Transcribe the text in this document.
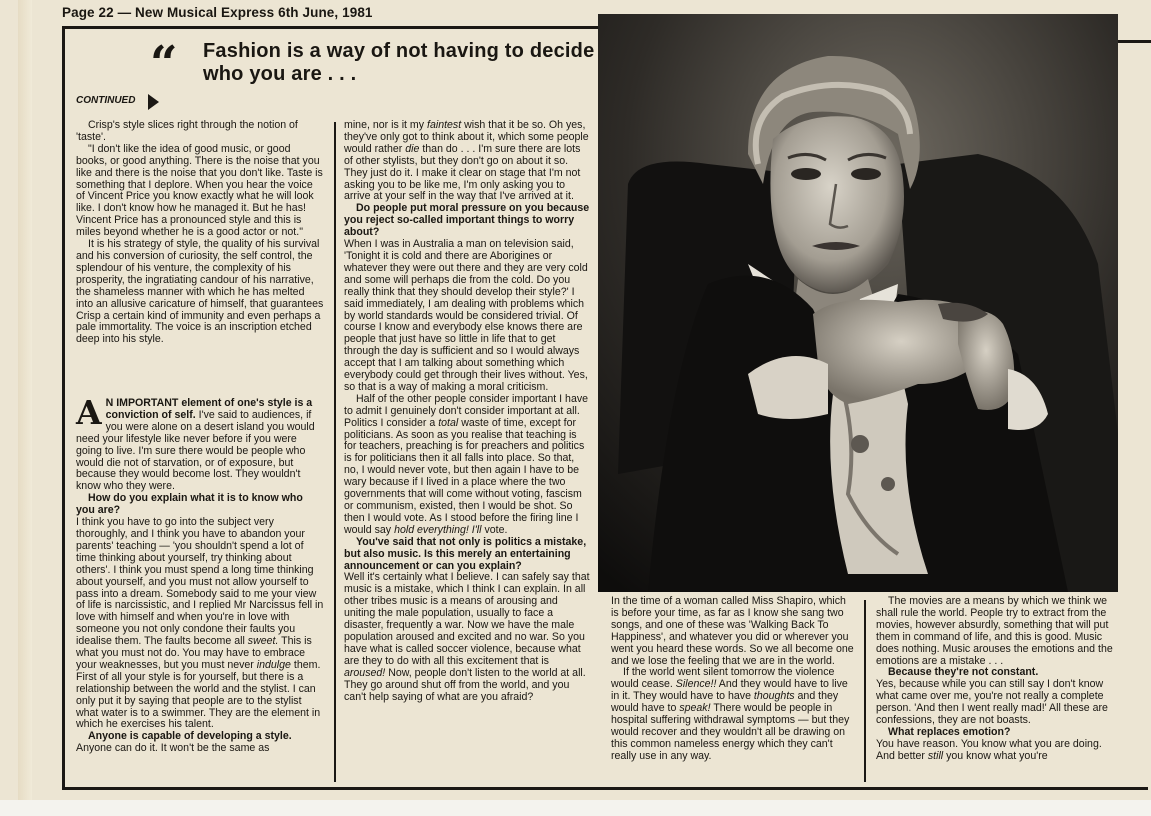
Page 22 — New Musical Express 6th June, 1981
“ Fashion is a way of not having to decide who you are . . .
CONTINUED

Crisp's style slices right through the notion of 'taste'.

"I don't like the idea of good music, or good books, or good anything. There is the noise that you like and there is the noise that you don't like. Taste is something that I deplore. When you hear the voice of Vincent Price you know exactly what he will look like. I don't know how he managed it. But he has! Vincent Price has a pronounced style and this is miles beyond whether he is a good actor or not."

It is his strategy of style, the quality of his survival and his conversion of curiosity, the self control, the splendour of his venture, the complexity of his prosperity, the ingratiating candour of his narrative, the shameless manner with which he has melted into an allusive caricature of himself, that guarantees Crisp a certain kind of immunity and even perhaps a pale immortality. The voice is an inscription etched deep into his style.

A N IMPORTANT element of one's style is a conviction of self. I've said to audiences, if you were alone on a desert island you would need your lifestyle like never before if you were going to live. I'm sure there would be people who would die not of starvation, or of exposure, but because they would become lost. They wouldn't know who they were.

How do you explain what it is to know who you are?

I think you have to go into the subject very thoroughly, and I think you have to abandon your parents' teaching — 'you shouldn't spend a lot of time thinking about yourself, try thinking about others'. I think you must spend a long time thinking about yourself, and you must not allow yourself to pass into a dream. Somebody said to me your view of life is narcissistic, and I replied Mr Narcissus fell in love with himself and when you're in love with someone you not only condone their faults you idealise them. The faults become all sweet. This is what you must not do. You may have to embrace your weaknesses, but you must never indulge them. First of all your style is for yourself, but there is a relationship between the world and the stylist. I can only put it by saying that people are to the stylist what water is to a swimmer. They are the element in which he exercises his talent.

Anyone is capable of developing a style.

Anyone can do it. It won't be the same as

mine, nor is it my faintest wish that it be so. Oh yes, they've only got to think about it, which some people would rather die than do . . . I'm sure there are lots of other stylists, but they don't go on about it so. They just do it. I make it clear on stage that I'm not asking you to be like me, I'm only asking you to arrive at your self in the way that I've arrived at it.

Do people put moral pressure on you because you reject so-called important things to worry about?

When I was in Australia a man on television said, 'Tonight it is cold and there are Aborigines or whatever they were out there and they are very cold and some will perhaps die from the cold. Do you really think that they should develop their style?' I said immediately, I am dealing with problems which by world standards would be considered trivial. Of course I know and everybody else knows there are people that just have so little in life that to get through the day is sufficient and so I would always accept that I am talking about something which everybody could get through their lives without. Yes, so that is a way of making a moral criticism.

Half of the other people consider important I have to admit I genuinely don't consider important at all. Politics I consider a total waste of time, except for politicians. As soon as you realise that teaching is for teachers, preaching is for preachers and politics is for politicians then it all falls into place. So that, no, I would never vote, but then again I have to be wary because if I lived in a place where the two governments that will come without voting, fascism or communism, existed, then I would be shot. So then I would vote. As I stood before the firing line I would say hold everything! I'll vote.

You've said that not only is politics a mistake, but also music. Is this merely an entertaining announcement or can you explain?

Well it's certainly what I believe. I can safely say that music is a mistake, which I think I can explain. In all other tribes music is a means of arousing and uniting the male population, usually to face a disaster, frequently a war. Now we have the male population aroused and excited and no war. So you have what is called soccer violence, because what are they to do with all this excitement that is aroused! Now, people don't listen to the world at all. They go around shut off from the world, and you can't help saying of what are you afraid?

In the time of a woman called Miss Shapiro, which is before your time, as far as I know she sang two songs, and one of these was 'Walking Back To Happiness', and whatever you did or wherever you went you heard these words. So we all become one and we lose the feeling that we are in the world.

If the world went silent tomorrow the violence would cease. Silence!! And they would have to live in it. They would have to have thoughts and they would have to speak! There would be people in hospital suffering withdrawal symptoms — but they would recover and they wouldn't all be drawing on this common nameless energy which they can't really use in any way.

The movies are a means by which we think we shall rule the world. People try to extract from the movies, however absurdly, something that will put them in command of life, and this is good. Music does nothing. Music arouses the emotions and the emotions are a mistake . . .

Because they're not constant.

Yes, because while you can still say I don't know what came over me, you're not really a complete person. 'And then I went really mad!' All these are confessions, they are not boasts.

What replaces emotion?

You have reason. You know what you are doing. And better still you know what you're
